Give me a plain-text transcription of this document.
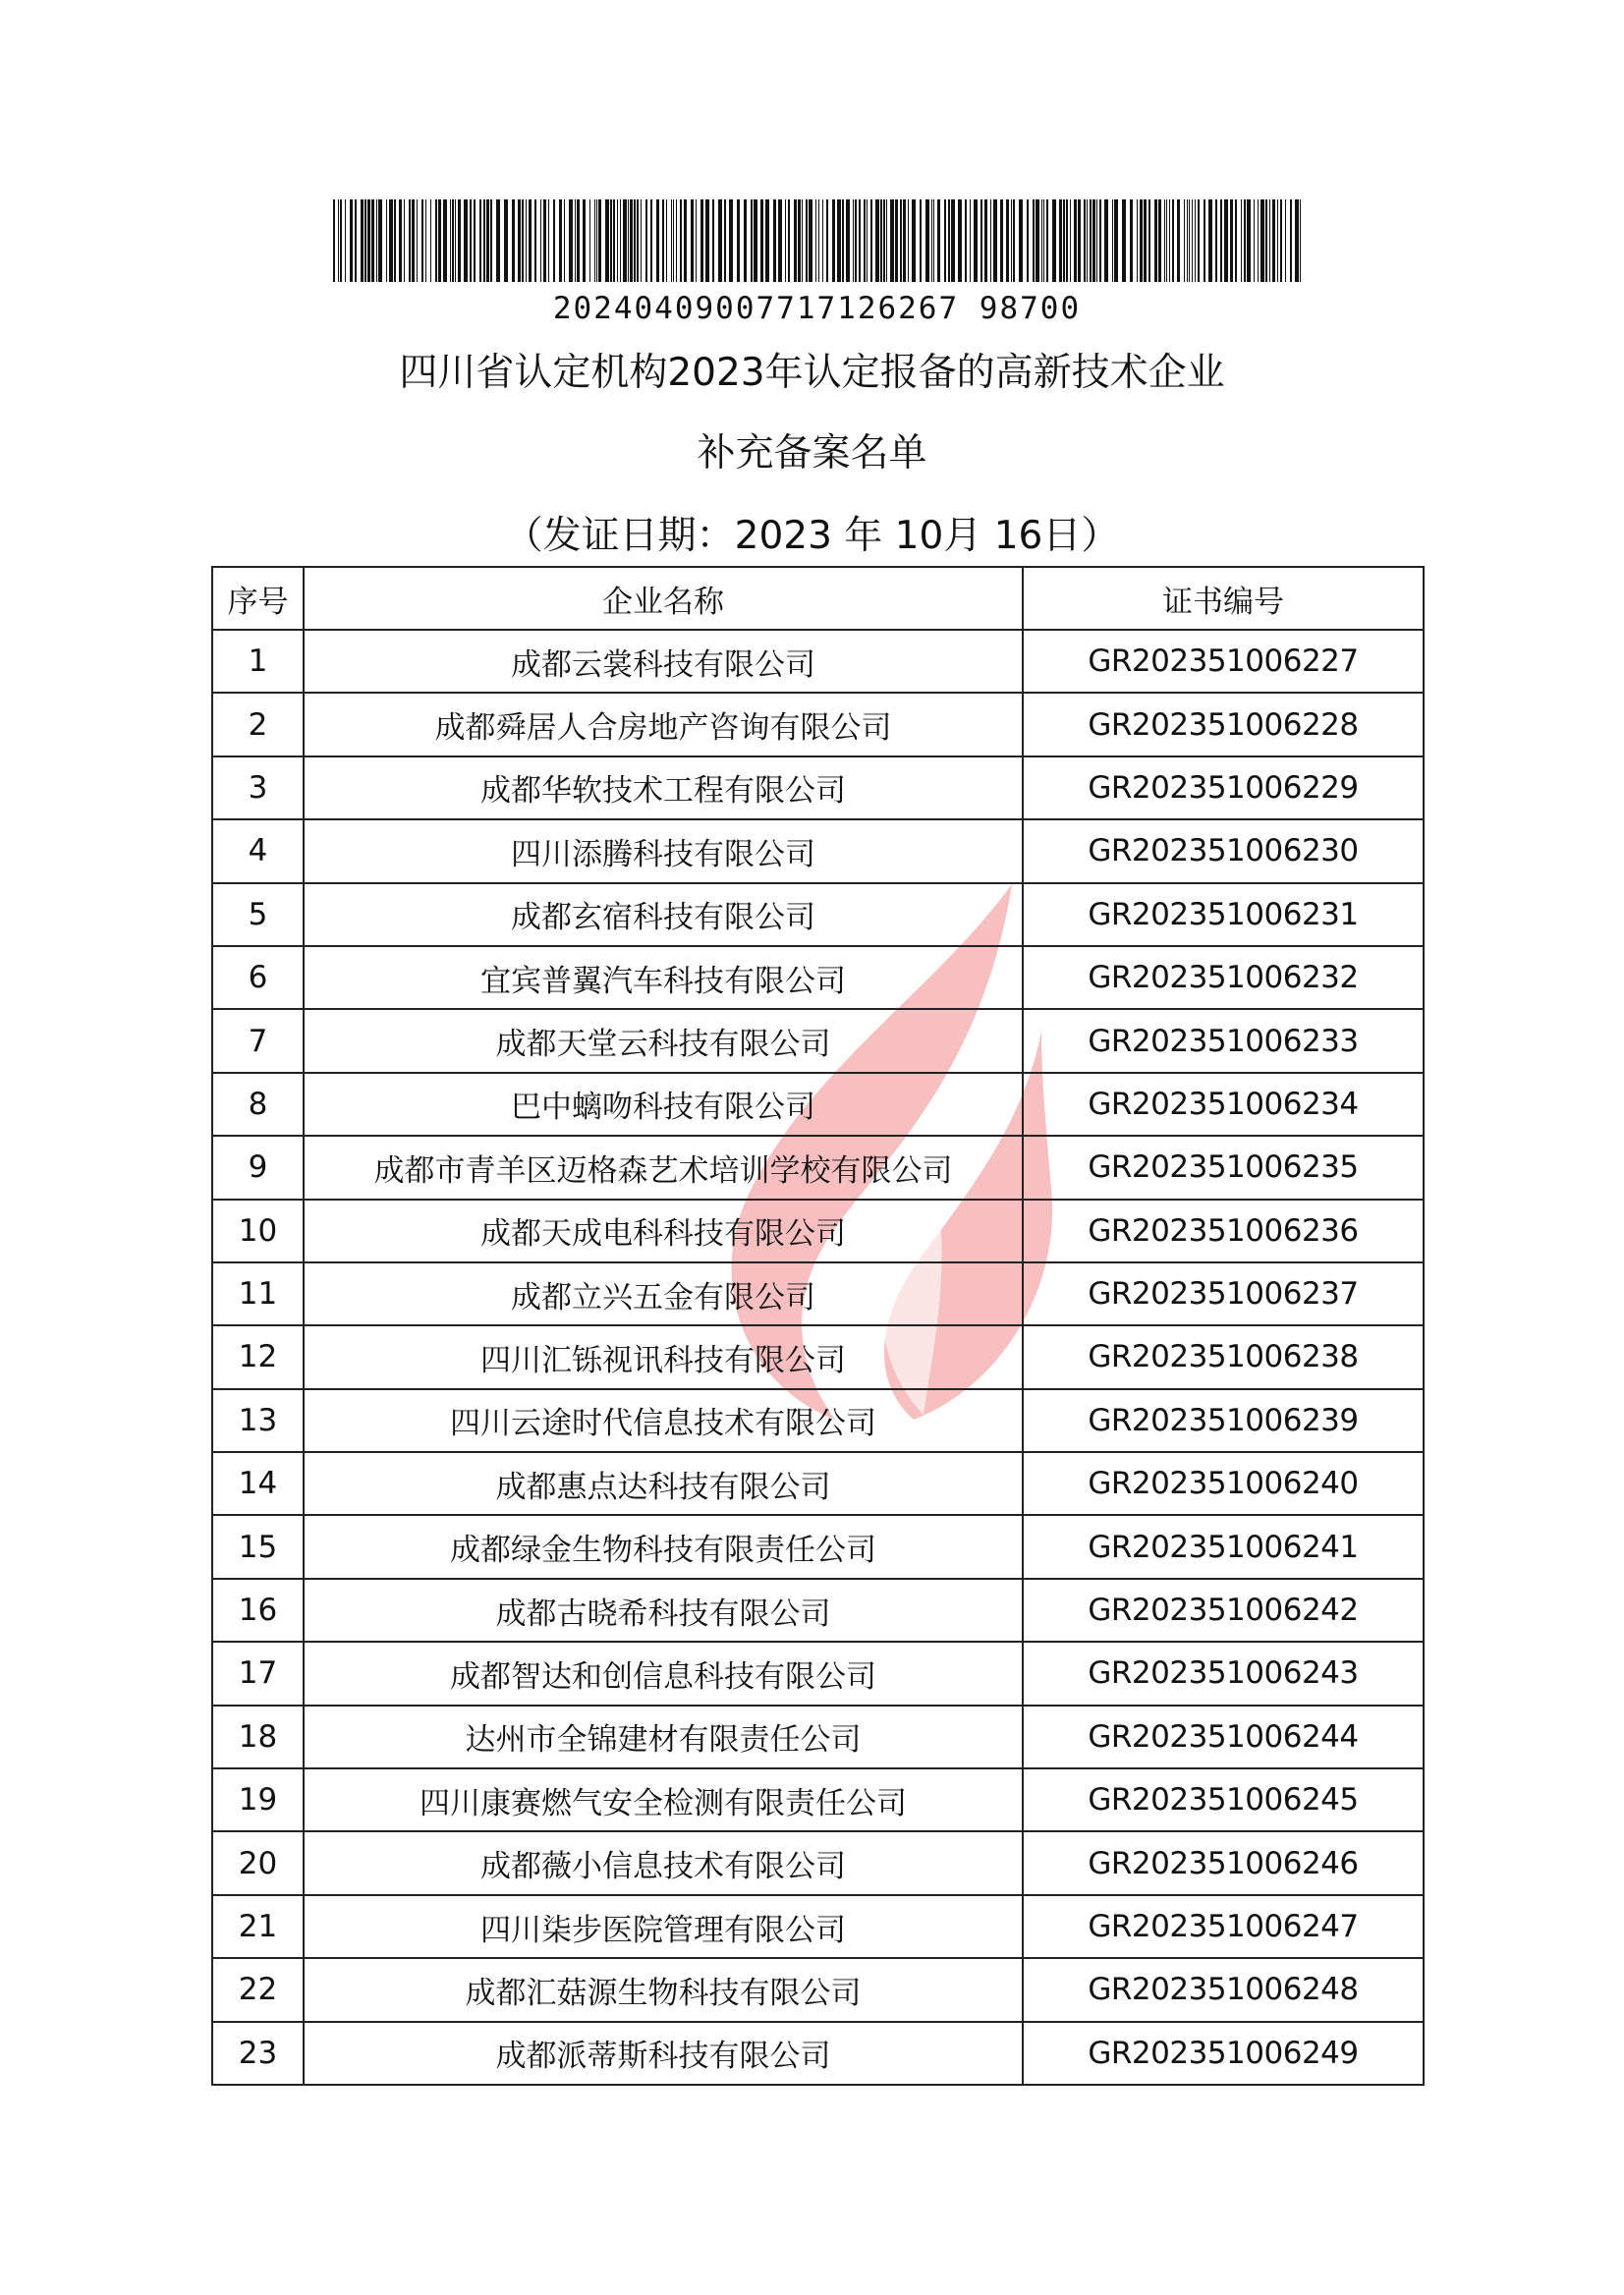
20240409007717126267 98700
四川省认定机构2023年认定报备的高新技术企业
补充备案名单
（发证日期：2023 年 10月 16日）
序号	企业名称	证书编号
1	成都云裳科技有限公司	GR202351006227
2	成都舜居人合房地产咨询有限公司	GR202351006228
3	成都华软技术工程有限公司	GR202351006229
4	四川添腾科技有限公司	GR202351006230
5	成都玄宿科技有限公司	GR202351006231
6	宜宾普翼汽车科技有限公司	GR202351006232
7	成都天堂云科技有限公司	GR202351006233
8	巴中螭吻科技有限公司	GR202351006234
9	成都市青羊区迈格森艺术培训学校有限公司	GR202351006235
10	成都天成电科科技有限公司	GR202351006236
11	成都立兴五金有限公司	GR202351006237
12	四川汇铄视讯科技有限公司	GR202351006238
13	四川云途时代信息技术有限公司	GR202351006239
14	成都惠点达科技有限公司	GR202351006240
15	成都绿金生物科技有限责任公司	GR202351006241
16	成都古晓希科技有限公司	GR202351006242
17	成都智达和创信息科技有限公司	GR202351006243
18	达州市全锦建材有限责任公司	GR202351006244
19	四川康赛燃气安全检测有限责任公司	GR202351006245
20	成都薇小信息技术有限公司	GR202351006246
21	四川柒步医院管理有限公司	GR202351006247
22	成都汇菇源生物科技有限公司	GR202351006248
23	成都派蒂斯科技有限公司	GR202351006249
